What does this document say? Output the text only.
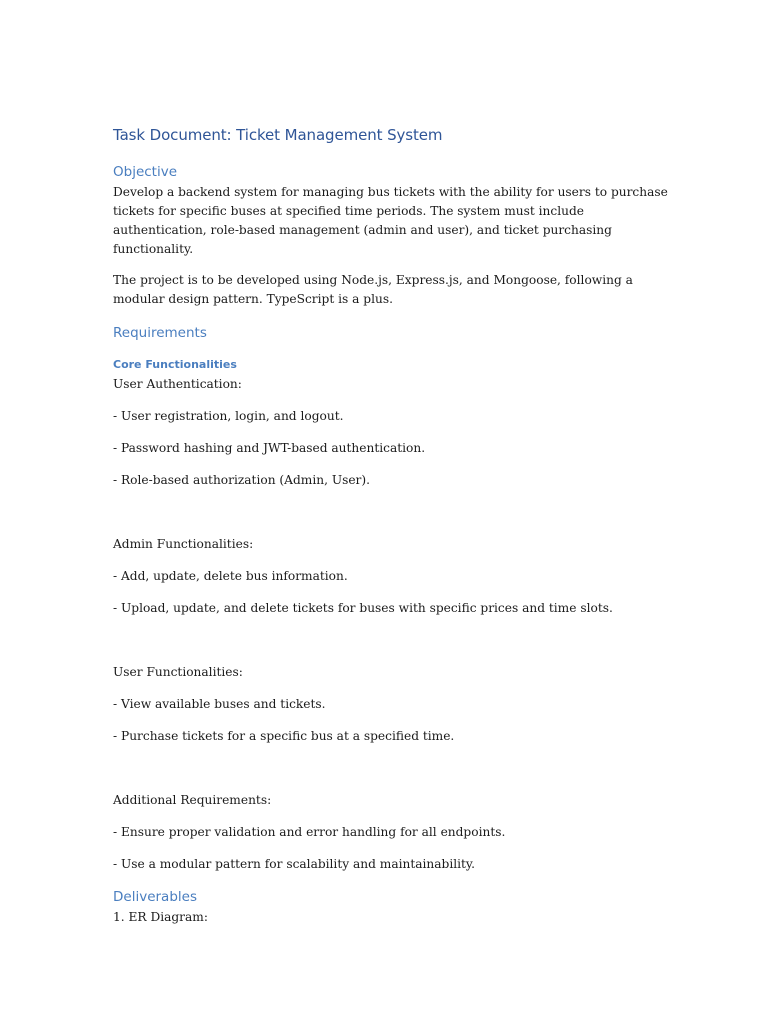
Task Document: Ticket Management System
Objective
Develop a backend system for managing bus tickets with the ability for users to purchase tickets for specific buses at specified time periods. The system must include authentication, role-based management (admin and user), and ticket purchasing functionality.
The project is to be developed using Node.js, Express.js, and Mongoose, following a modular design pattern. TypeScript is a plus.
Requirements
Core Functionalities
User Authentication:
- User registration, login, and logout.
- Password hashing and JWT-based authentication.
- Role-based authorization (Admin, User).
Admin Functionalities:
- Add, update, delete bus information.
- Upload, update, and delete tickets for buses with specific prices and time slots.
User Functionalities:
- View available buses and tickets.
- Purchase tickets for a specific bus at a specified time.
Additional Requirements:
- Ensure proper validation and error handling for all endpoints.
- Use a modular pattern for scalability and maintainability.
Deliverables
1. ER Diagram:
